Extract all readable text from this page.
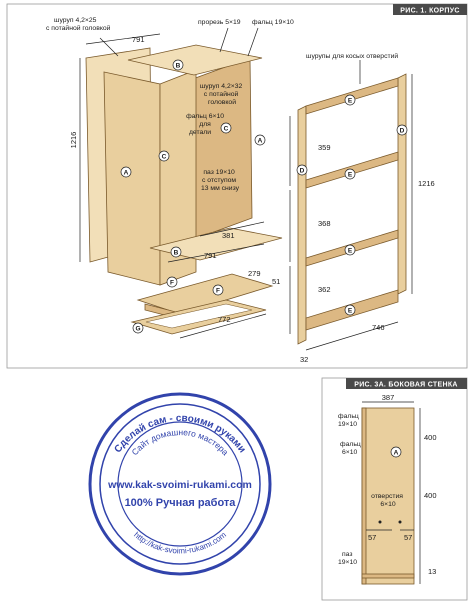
РИС. 1. КОРПУС
791
1216
381
791
279
51
772
359
368
362
746
32
1216
шуруп 4,2×25 с потайной головкой
прорезь 5×19 фальц 19×10
шурупы для косых отверстий
шуруп 4,2×32 с потайной головкой
фальц 6×10 для детали
паз 19×10 с отступом 13 мм снизу
B
C
A
C
A
B
F
F
G
D
D
E
E
E
E
РИС. 3А. БОКОВАЯ СТЕНКА
387
400
400
57	57
13
фальц 19×10
фальц 6×10
отверстия 6×10
паз 19×10
A
Сделай сам - своими руками
Сайт домашнего мастера
www.kak-svoimi-rukami.com
100% Ручная работа
http://kak-svoimi-rukami.com
